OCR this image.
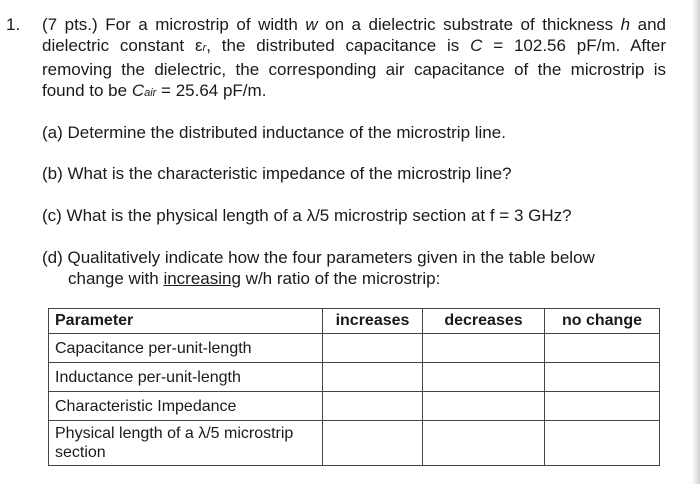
1. (7 pts.) For a microstrip of width w on a dielectric substrate of thickness h and dielectric constant εr, the distributed capacitance is C = 102.56 pF/m. After removing the dielectric, the corresponding air capacitance of the microstrip is found to be Cair = 25.64 pF/m.
(a) Determine the distributed inductance of the microstrip line.
(b) What is the characteristic impedance of the microstrip line?
(c) What is the physical length of a λ/5 microstrip section at f = 3 GHz?
(d) Qualitatively indicate how the four parameters given in the table below
change with increasing w/h ratio of the microstrip:
Parameter	increases	decreases	no change
Capacitance per-unit-length			
Inductance per-unit-length			
Characteristic Impedance			
Physical length of a λ/5 microstrip section			
